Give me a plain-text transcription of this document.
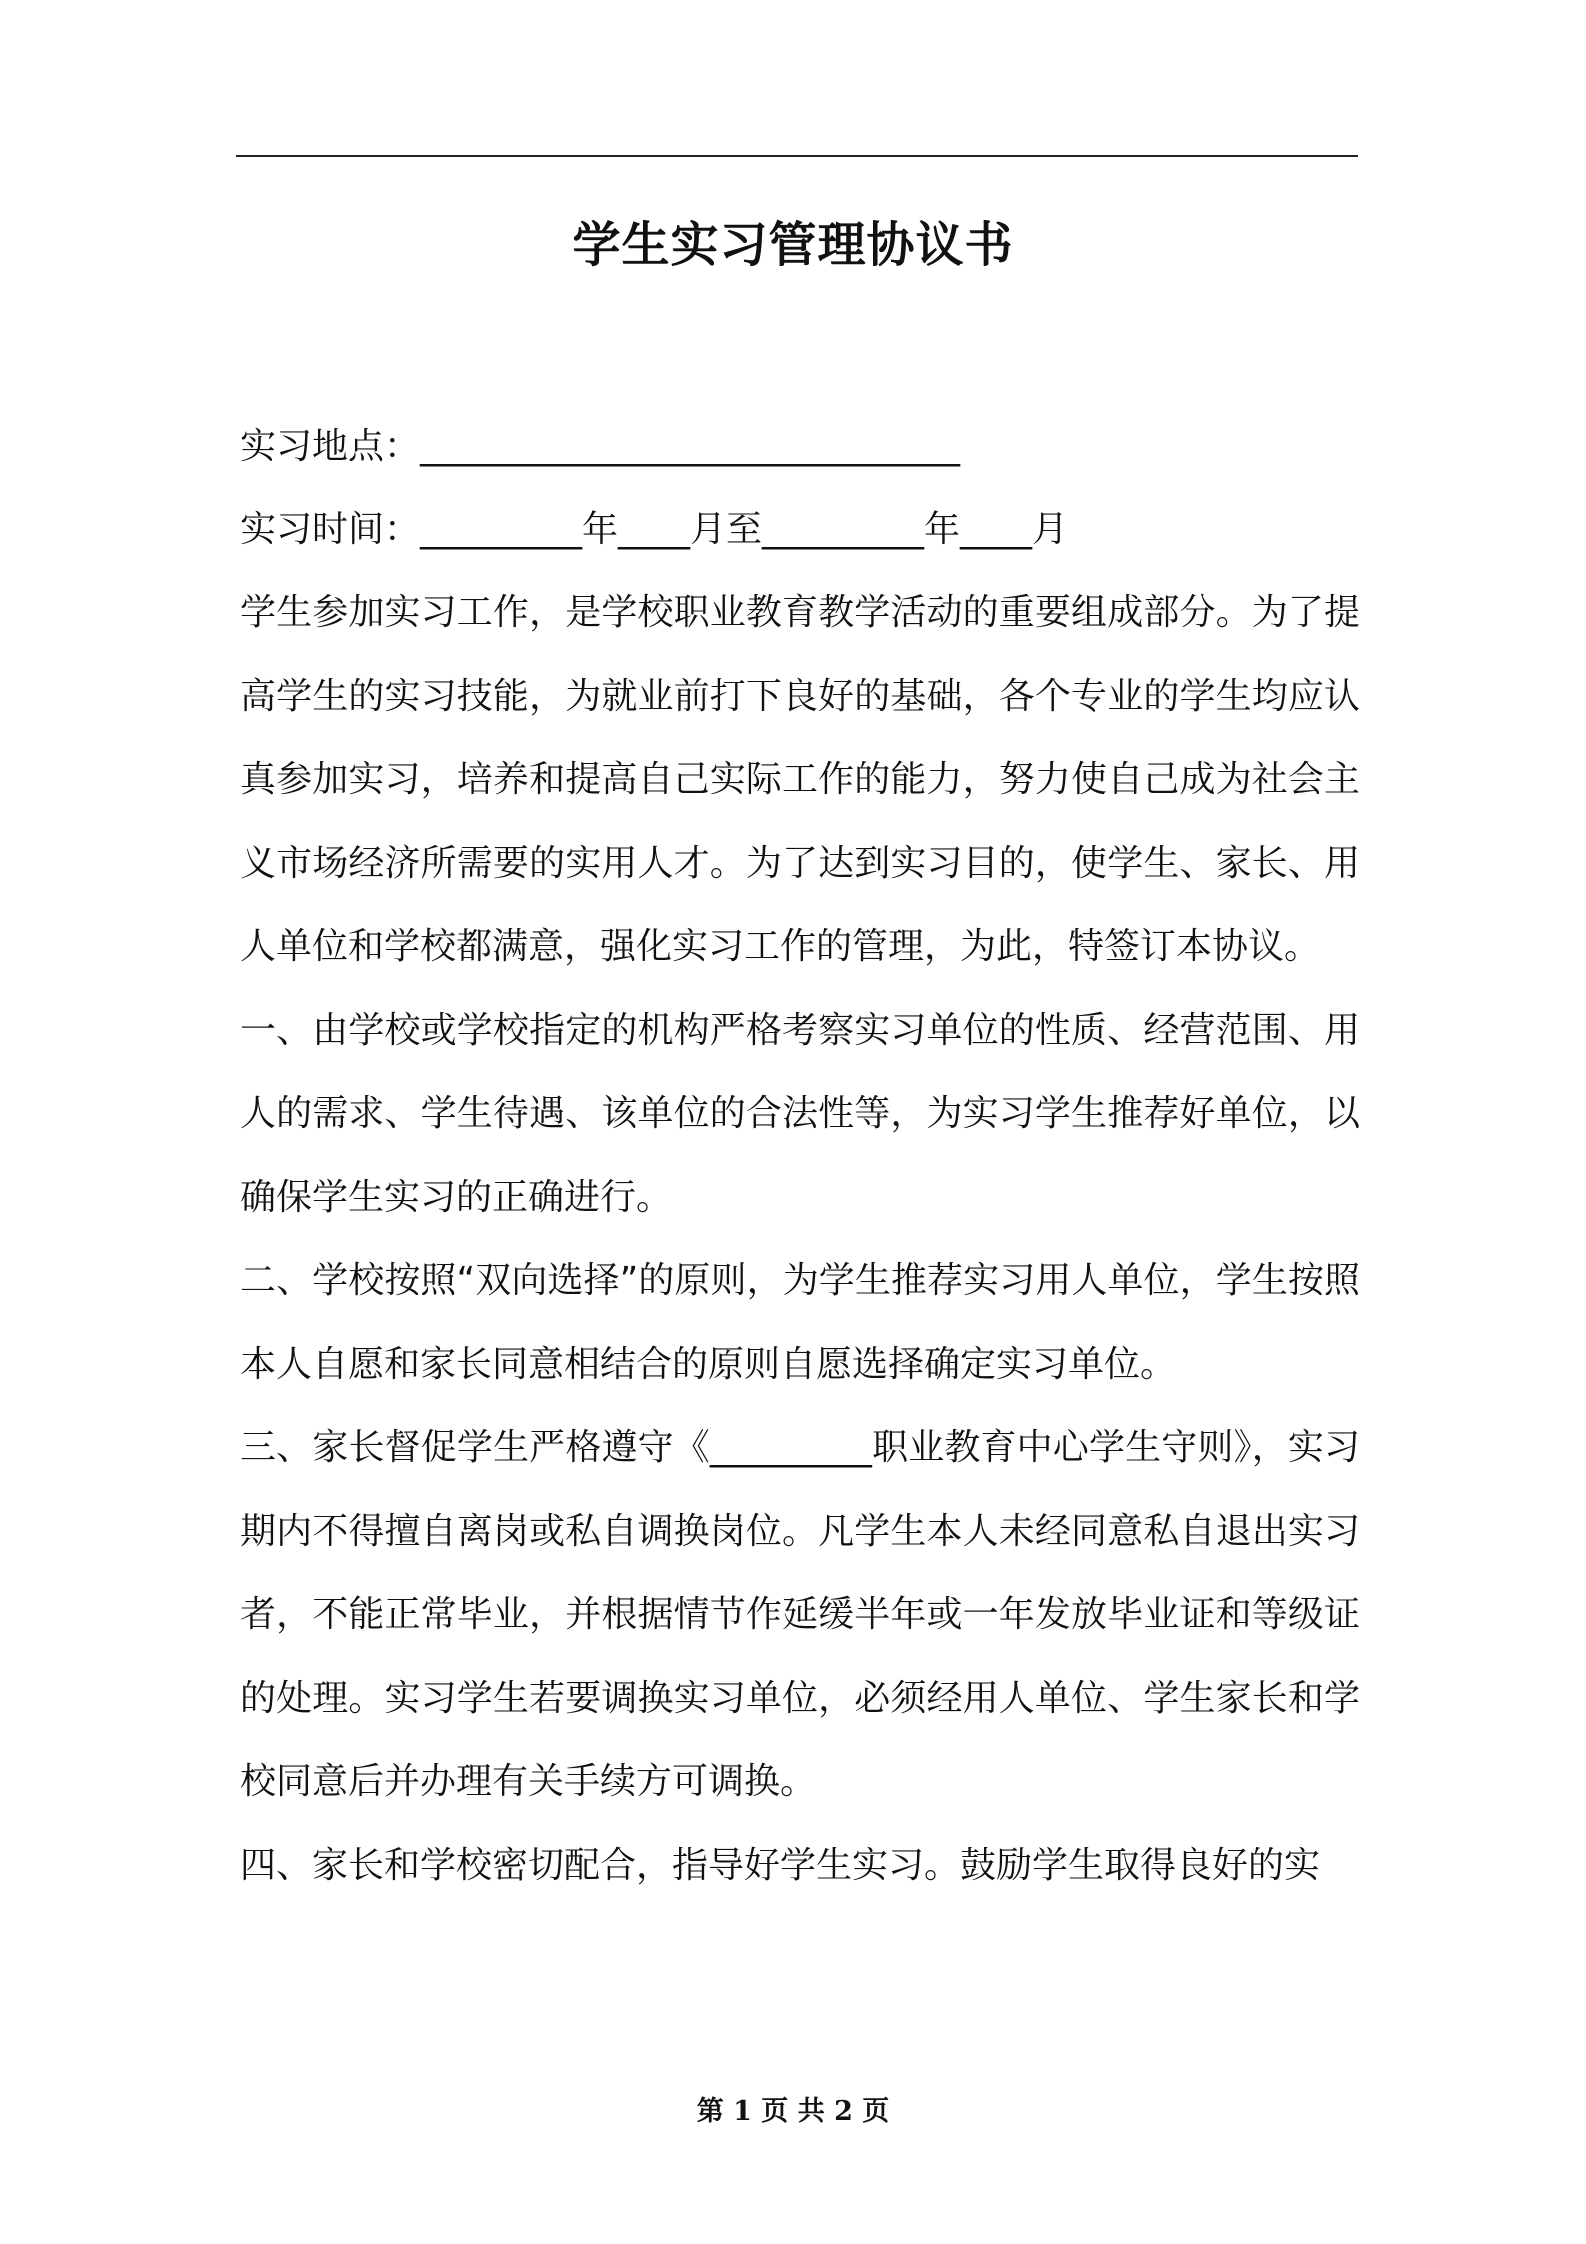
学生实习管理协议书
实习地点：______________________________
实习时间：_________年____月至_________年____月

学生参加实习工作，是学校职业教育教学活动的重要组成部分。为了提高学生的实习技能，为就业前打下良好的基础，各个专业的学生均应认真参加实习，培养和提高自己实际工作的能力，努力使自己成为社会主义市场经济所需要的实用人才。为了达到实习目的，使学生、家长、用人单位和学校都满意，强化实习工作的管理，为此，特签订本协议。

一、由学校或学校指定的机构严格考察实习单位的性质、经营范围、用人的需求、学生待遇、该单位的合法性等，为实习学生推荐好单位，以确保学生实习的正确进行。

二、学校按照“双向选择”的原则，为学生推荐实习用人单位，学生按照本人自愿和家长同意相结合的原则自愿选择确定实习单位。

三、家长督促学生严格遵守《_________职业教育中心学生守则》，实习期内不得擅自离岗或私自调换岗位。凡学生本人未经同意私自退出实习者，不能正常毕业，并根据情节作延缓半年或一年发放毕业证和等级证的处理。实习学生若要调换实习单位，必须经用人单位、学生家长和学校同意后并办理有关手续方可调换。

四、家长和学校密切配合，指导好学生实习。鼓励学生取得良好的实

第 1 页 共 2 页
